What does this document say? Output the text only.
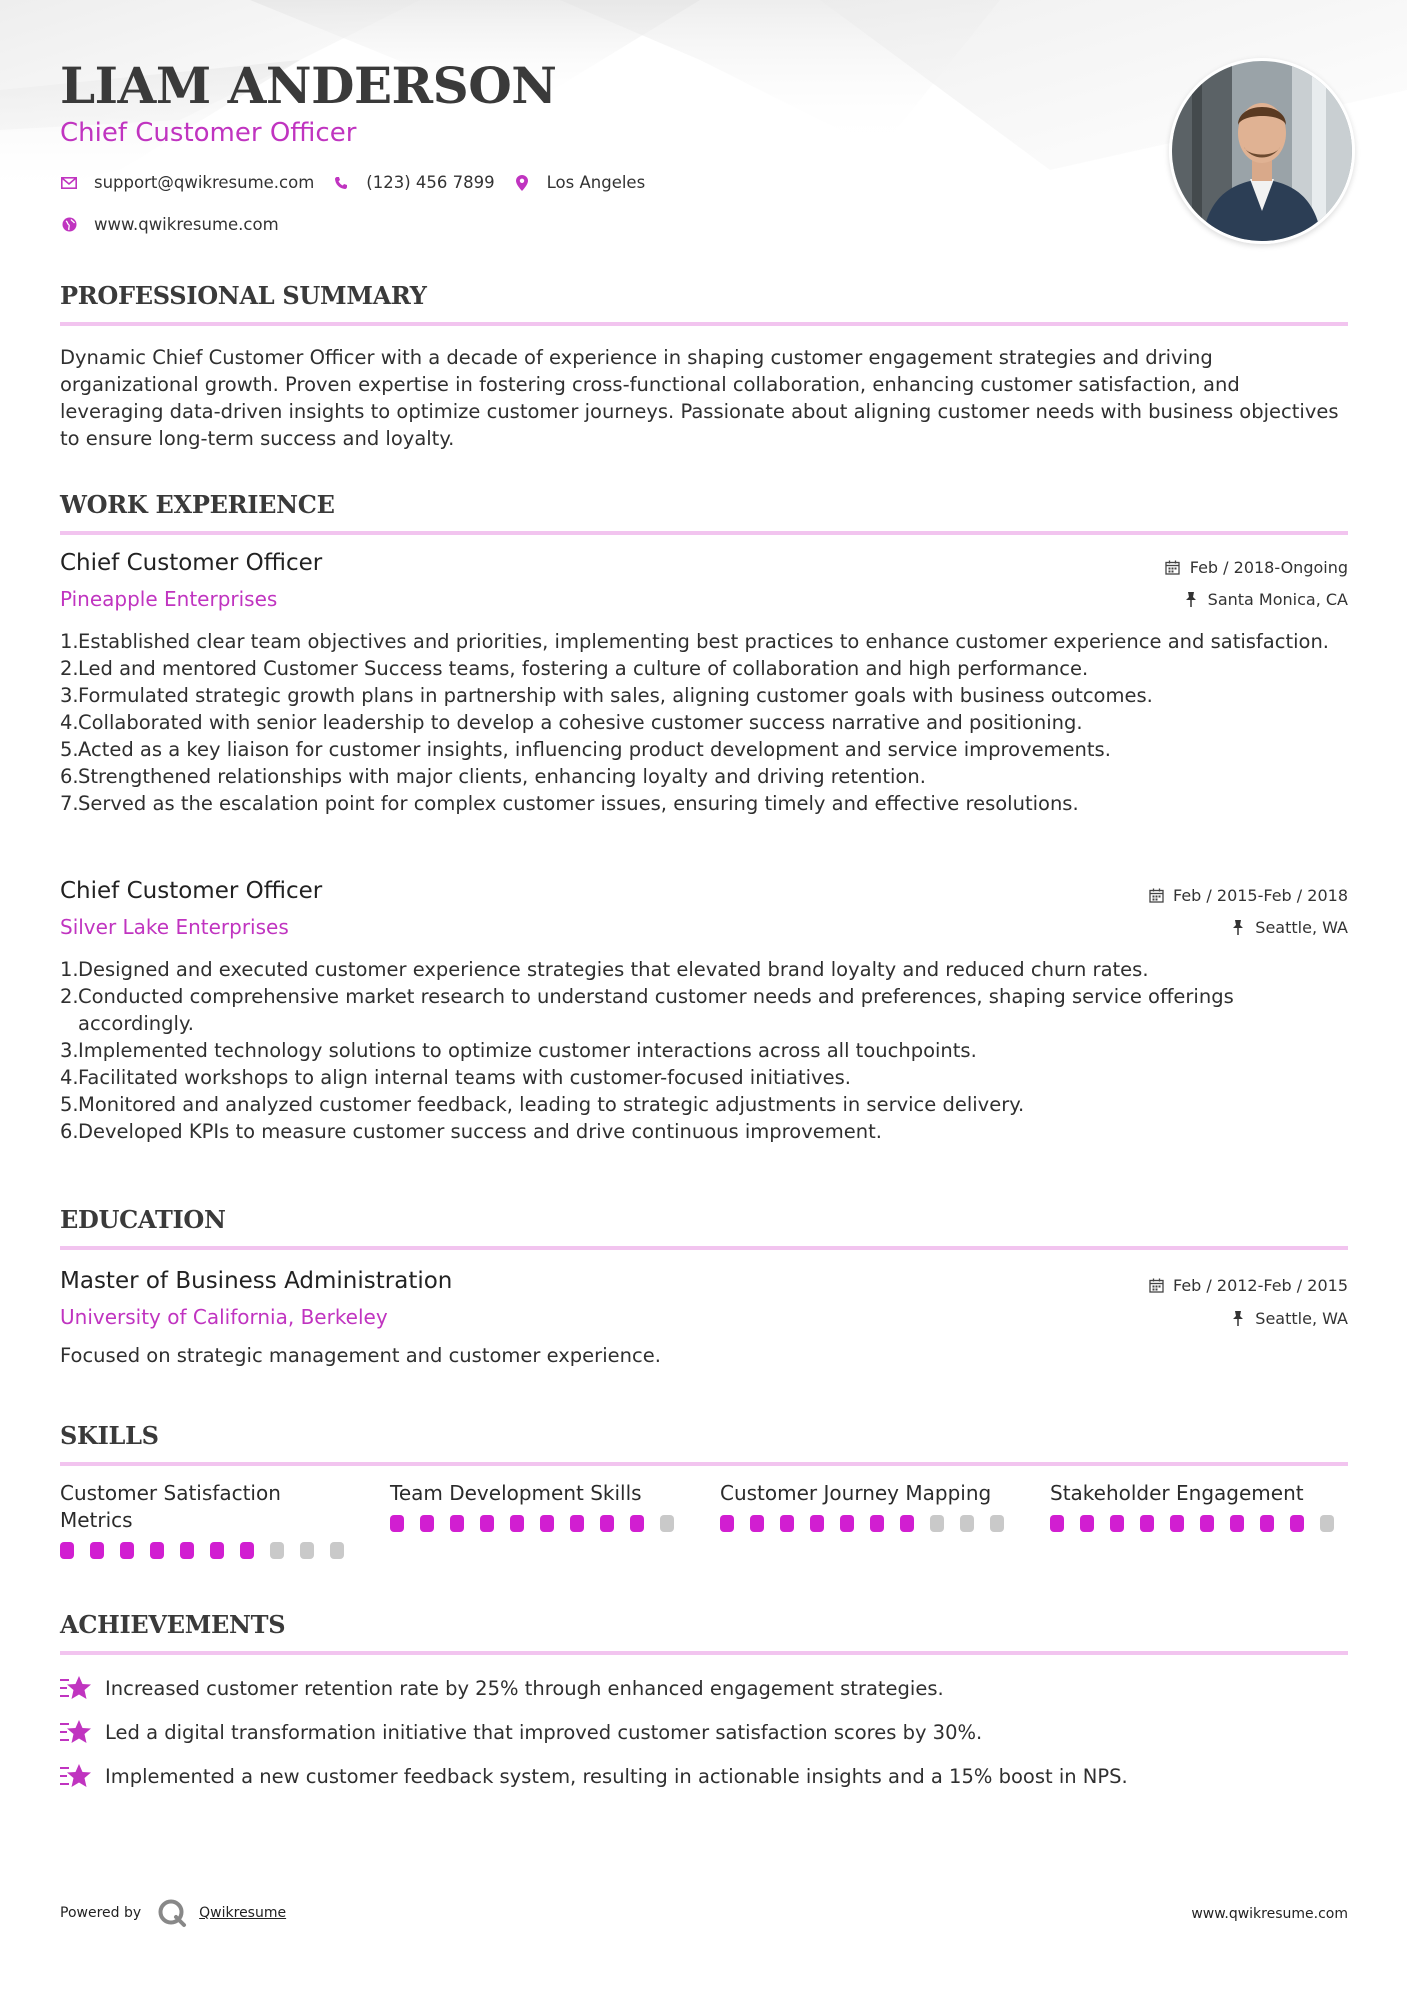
LIAM ANDERSON

Chief Customer Officer

support@qwikresume.com	(123) 456 7899	Los Angeles
www.qwikresume.com
PROFESSIONAL SUMMARY

Dynamic Chief Customer Officer with a decade of experience in shaping customer engagement strategies and driving organizational growth. Proven expertise in fostering cross-functional collaboration, enhancing customer satisfaction, and leveraging data-driven insights to optimize customer journeys. Passionate about aligning customer needs with business objectives to ensure long-term success and loyalty.

WORK EXPERIENCE

Chief Customer Officer

Pineapple Enterprises

Feb / 2018-Ongoing
Santa Monica, CA
1. Established clear team objectives and priorities, implementing best practices to enhance customer experience and satisfaction.
2. Led and mentored Customer Success teams, fostering a culture of collaboration and high performance.
3. Formulated strategic growth plans in partnership with sales, aligning customer goals with business outcomes.
4. Collaborated with senior leadership to develop a cohesive customer success narrative and positioning.
5. Acted as a key liaison for customer insights, influencing product development and service improvements.
6. Strengthened relationships with major clients, enhancing loyalty and driving retention.
7. Served as the escalation point for complex customer issues, ensuring timely and effective resolutions.

Chief Customer Officer

Silver Lake Enterprises

Feb / 2015-Feb / 2018
Seattle, WA
1. Designed and executed customer experience strategies that elevated brand loyalty and reduced churn rates.
2. Conducted comprehensive market research to understand customer needs and preferences, shaping service offerings accordingly.
3. Implemented technology solutions to optimize customer interactions across all touchpoints.
4. Facilitated workshops to align internal teams with customer-focused initiatives.
5. Monitored and analyzed customer feedback, leading to strategic adjustments in service delivery.
6. Developed KPIs to measure customer success and drive continuous improvement.
EDUCATION

Master of Business Administration

University of California, Berkeley

Feb / 2012-Feb / 2015
Seattle, WA

Focused on strategic management and customer experience.

SKILLS

Customer Satisfaction Metrics

Team Development Skills	Customer Journey Mapping	Stakeholder Engagement

ACHIEVEMENTS
Increased customer retention rate by 25% through enhanced engagement strategies.
Led a digital transformation initiative that improved customer satisfaction scores by 30%.
Implemented a new customer feedback system, resulting in actionable insights and a 15% boost in NPS.
Powered by	Qwikresume	www.qwikresume.com
